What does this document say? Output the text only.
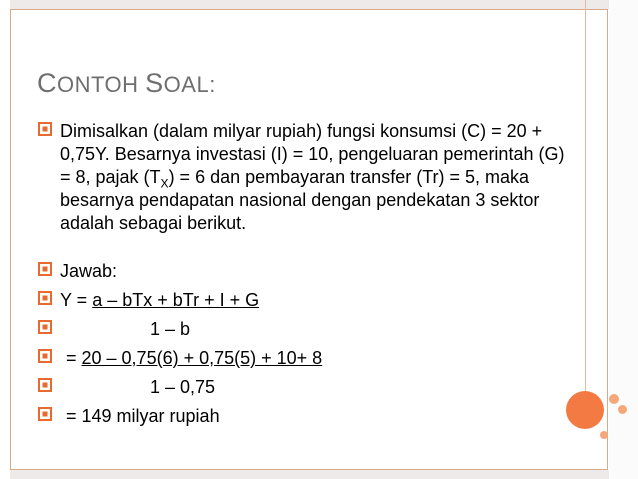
CONTOH SOAL:
Dimisalkan (dalam milyar rupiah) fungsi konsumsi (C) = 20 + 0,75Y. Besarnya investasi (I) = 10, pengeluaran pemerintah (G) = 8, pajak $(T_X) = 6$ dan pembayaran transfer (Tr) = 5, maka besarnya pendapatan nasional dengan pendekatan 3 sektor adalah sebagai berikut.
Jawab:
Y = a – bTx + bTr + I + G
1 – b
= 20 – 0,75(6) + 0,75(5) + 10+ 8
1 – 0,75
= 149 milyar rupiah
